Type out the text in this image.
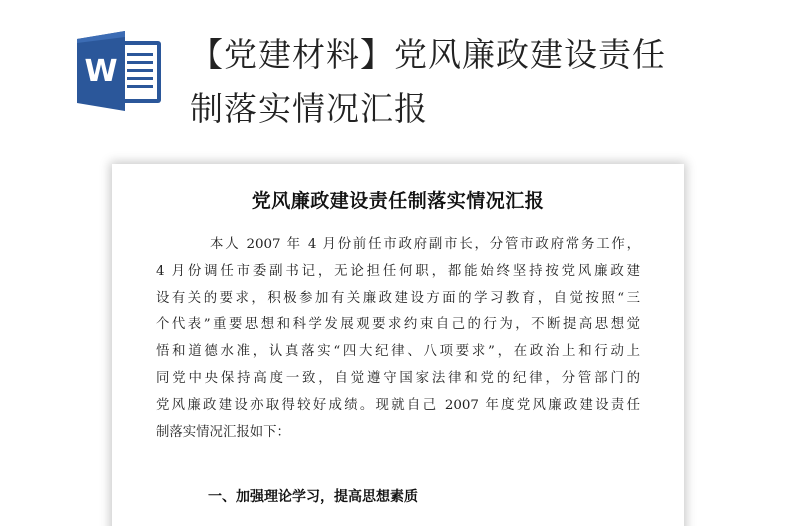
W 【党建材料】党风廉政建设责任
制落实情况汇报
党风廉政建设责任制落实情况汇报
本人 2007 年 4 月份前任市政府副市长，分管市政府常务工作，
4 月份调任市委副书记，无论担任何职，都能始终坚持按党风廉政建
设有关的要求，积极参加有关廉政建设方面的学习教育，自觉按照“三
个代表”重要思想和科学发展观要求约束自己的行为，不断提高思想觉
悟和道德水准，认真落实“四大纪律、八项要求”，在政治上和行动上
同党中央保持高度一致，自觉遵守国家法律和党的纪律，分管部门的
党风廉政建设亦取得较好成绩。现就自己 2007 年度党风廉政建设责任
制落实情况汇报如下：
一、加强理论学习，提高思想素质
